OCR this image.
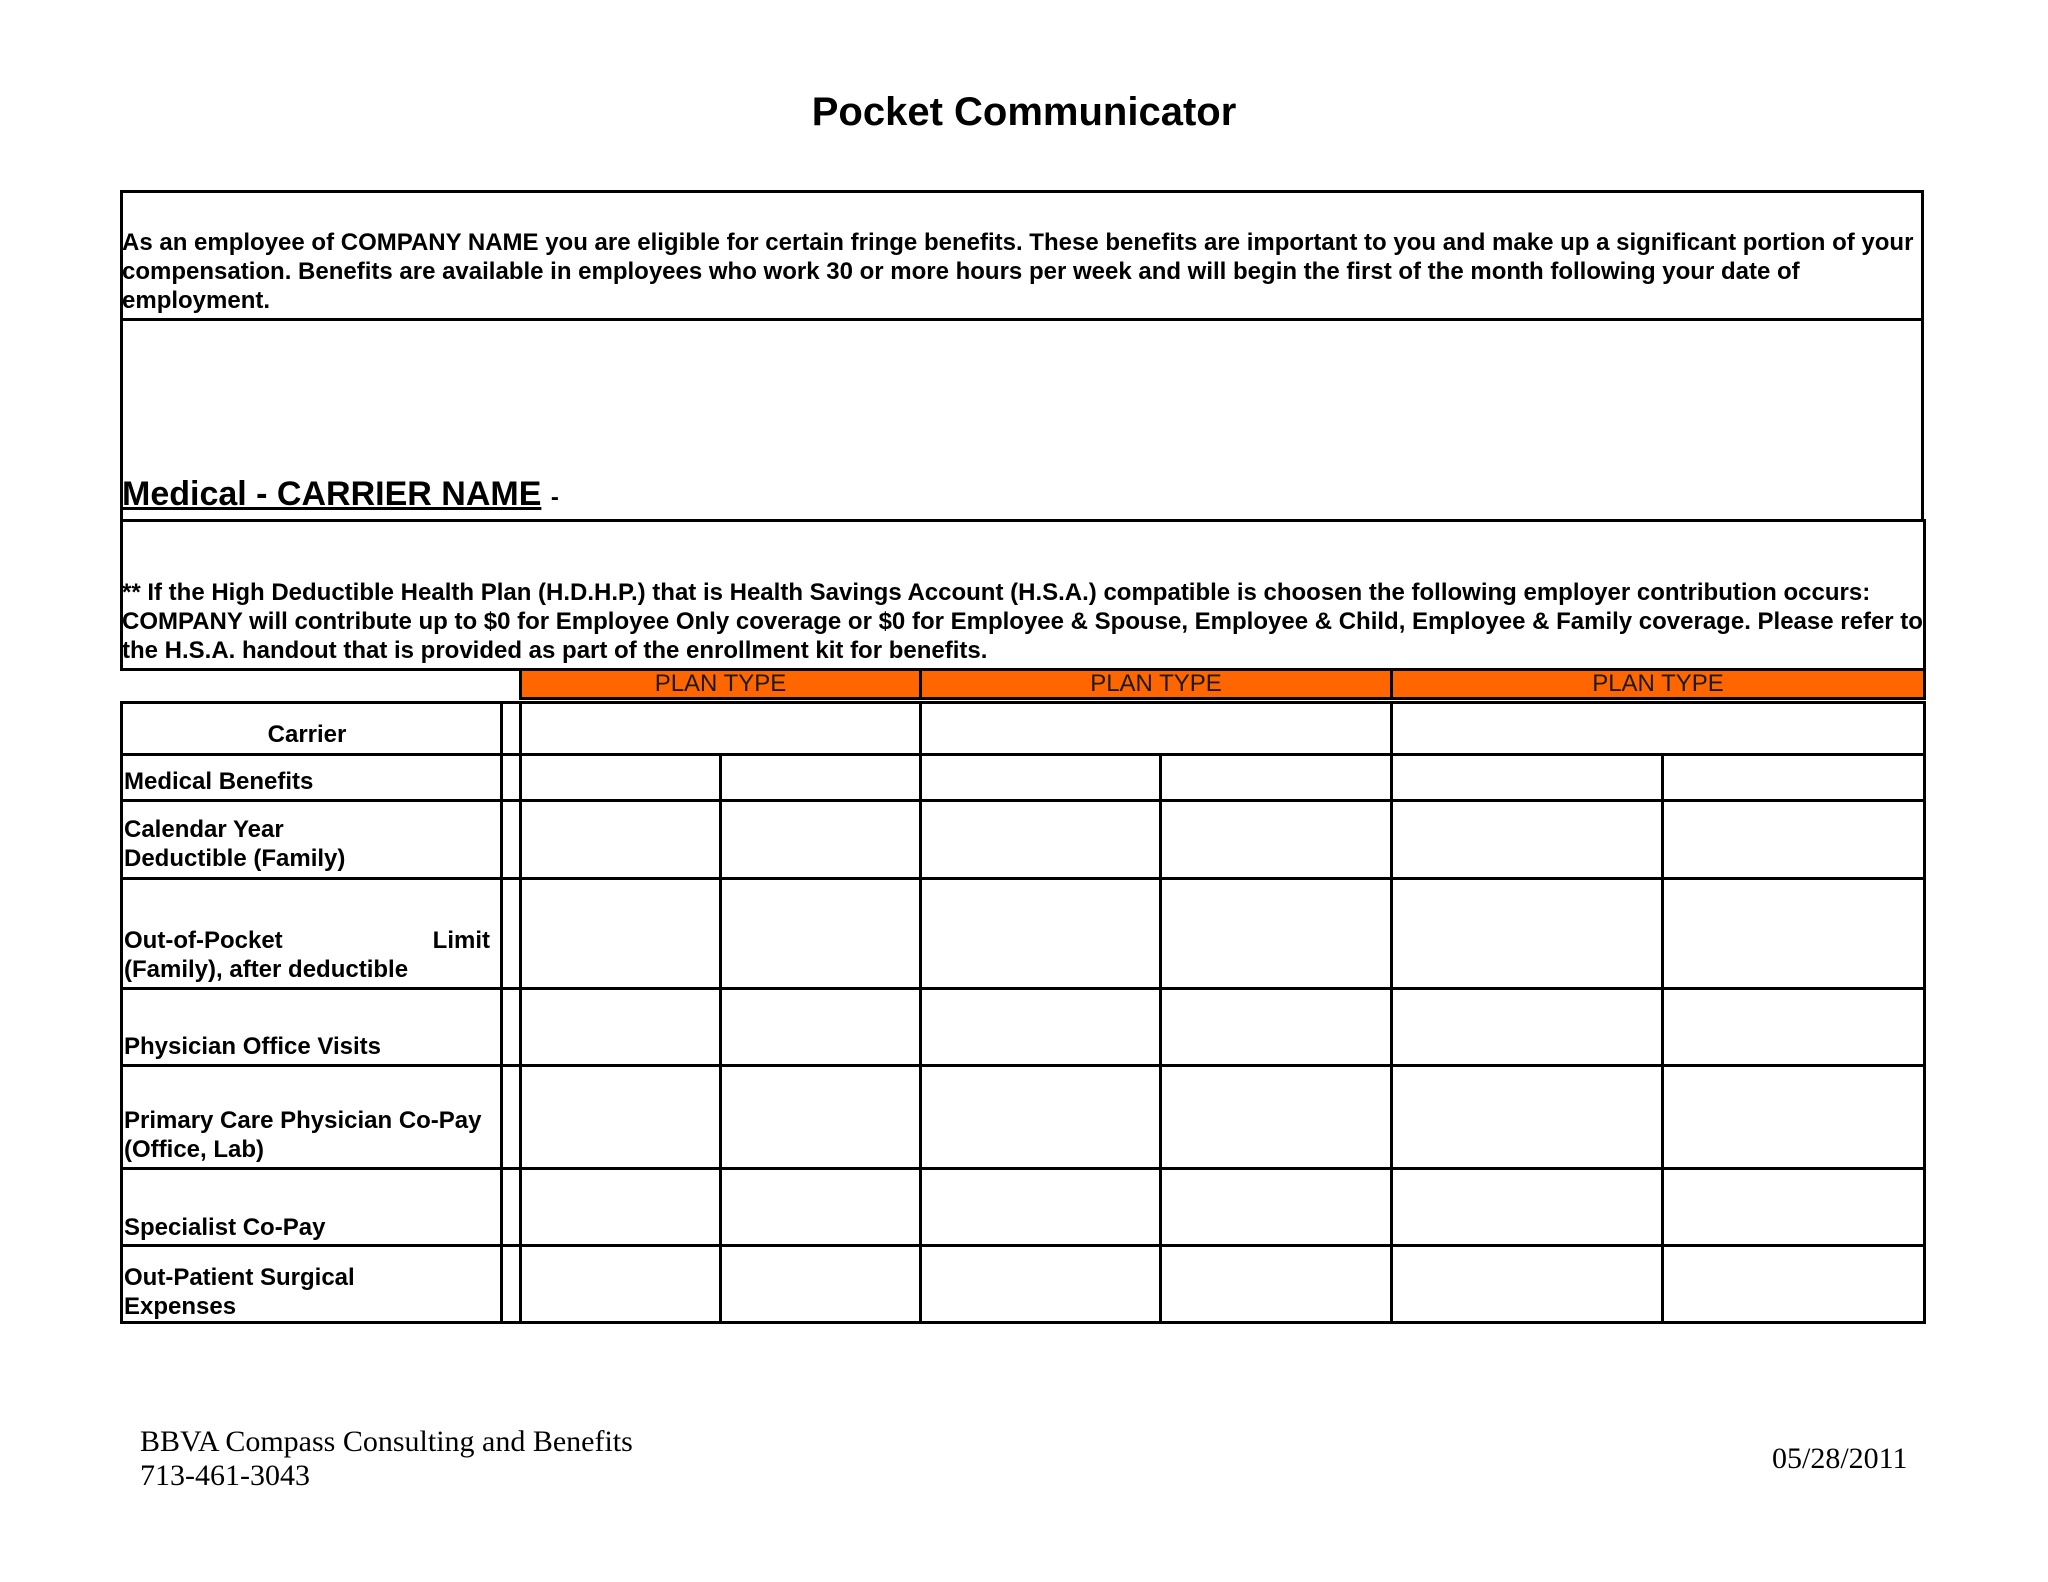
Pocket Communicator
As an employee of COMPANY NAME you are eligible for certain fringe benefits. These benefits are important to you and make up a significant portion of your compensation. Benefits are available in employees who work 30 or more hours per week and will begin the first of the month following your date of employment.
Medical - CARRIER NAME -
** If the High Deductible Health Plan (H.D.H.P.) that is Health Savings Account (H.S.A.) compatible is choosen the following employer contribution occurs: COMPANY will contribute up to $0 for Employee Only coverage or $0 for Employee & Spouse, Employee & Child, Employee & Family coverage. Please refer to the H.S.A. handout that is provided as part of the enrollment kit for benefits.
PLAN TYPE	PLAN TYPE	PLAN TYPE
Carrier
Medical Benefits
Calendar Year Deductible (Family)
Out-of-Pocket	Limit
(Family), after deductible
Physician Office Visits
Primary Care Physician Co-Pay (Office, Lab)
Specialist Co-Pay
Out-Patient Surgical Expenses
BBVA Compass Consulting and Benefits
713-461-3043
05/28/2011
